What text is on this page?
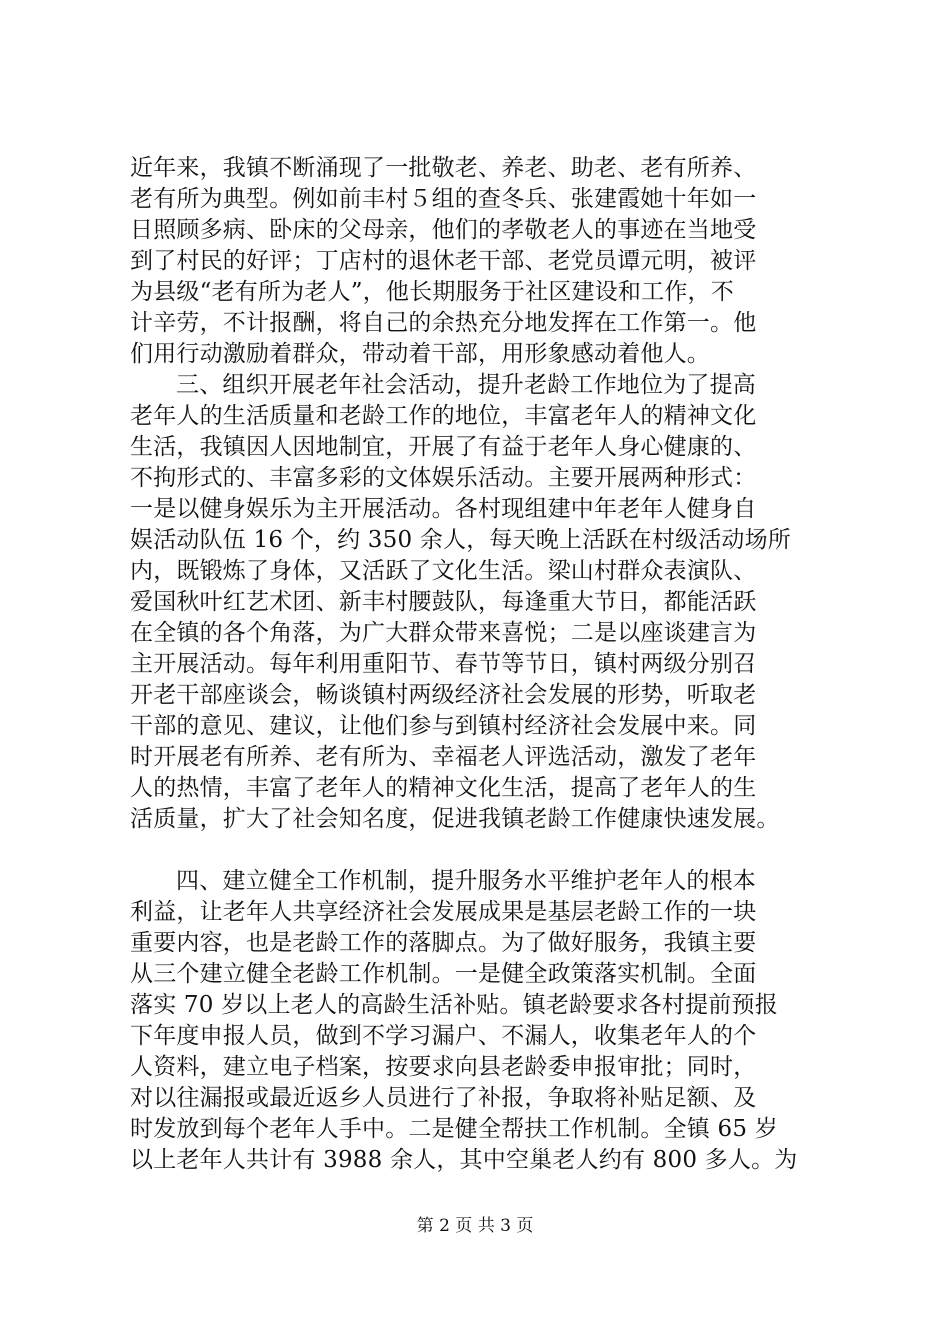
近年来，我镇不断涌现了一批敬老、养老、助老、老有所养、
老有所为典型。例如前丰村５组的查冬兵、张建霞她十年如一
日照顾多病、卧床的父母亲，他们的孝敬老人的事迹在当地受
到了村民的好评；丁店村的退休老干部、老党员谭元明，被评
为县级“老有所为老人”，他长期服务于社区建设和工作，不
计辛劳，不计报酬，将自己的余热充分地发挥在工作第一。他
们用行动激励着群众，带动着干部，用形象感动着他人。
三、组织开展老年社会活动，提升老龄工作地位为了提高
老年人的生活质量和老龄工作的地位，丰富老年人的精神文化
生活，我镇因人因地制宜，开展了有益于老年人身心健康的、
不拘形式的、丰富多彩的文体娱乐活动。主要开展两种形式：
一是以健身娱乐为主开展活动。各村现组建中年老年人健身自
娱活动队伍 16 个，约 350 余人，每天晚上活跃在村级活动场所
内，既锻炼了身体，又活跃了文化生活。梁山村群众表演队、
爱国秋叶红艺术团、新丰村腰鼓队，每逢重大节日，都能活跃
在全镇的各个角落，为广大群众带来喜悦；二是以座谈建言为
主开展活动。每年利用重阳节、春节等节日，镇村两级分别召
开老干部座谈会，畅谈镇村两级经济社会发展的形势，听取老
干部的意见、建议，让他们参与到镇村经济社会发展中来。同
时开展老有所养、老有所为、幸福老人评选活动，激发了老年
人的热情，丰富了老年人的精神文化生活，提高了老年人的生
活质量，扩大了社会知名度，促进我镇老龄工作健康快速发展。
四、建立健全工作机制，提升服务水平维护老年人的根本
利益，让老年人共享经济社会发展成果是基层老龄工作的一块
重要内容，也是老龄工作的落脚点。为了做好服务，我镇主要
从三个建立健全老龄工作机制。一是健全政策落实机制。全面
落实 70 岁以上老人的高龄生活补贴。镇老龄要求各村提前预报
下年度申报人员，做到不学习漏户、不漏人，收集老年人的个
人资料，建立电子档案，按要求向县老龄委申报审批；同时，
对以往漏报或最近返乡人员进行了补报，争取将补贴足额、及
时发放到每个老年人手中。二是健全帮扶工作机制。全镇 65 岁
以上老年人共计有 3988 余人，其中空巢老人约有 800 多人。为
第 2 页 共 3 页
